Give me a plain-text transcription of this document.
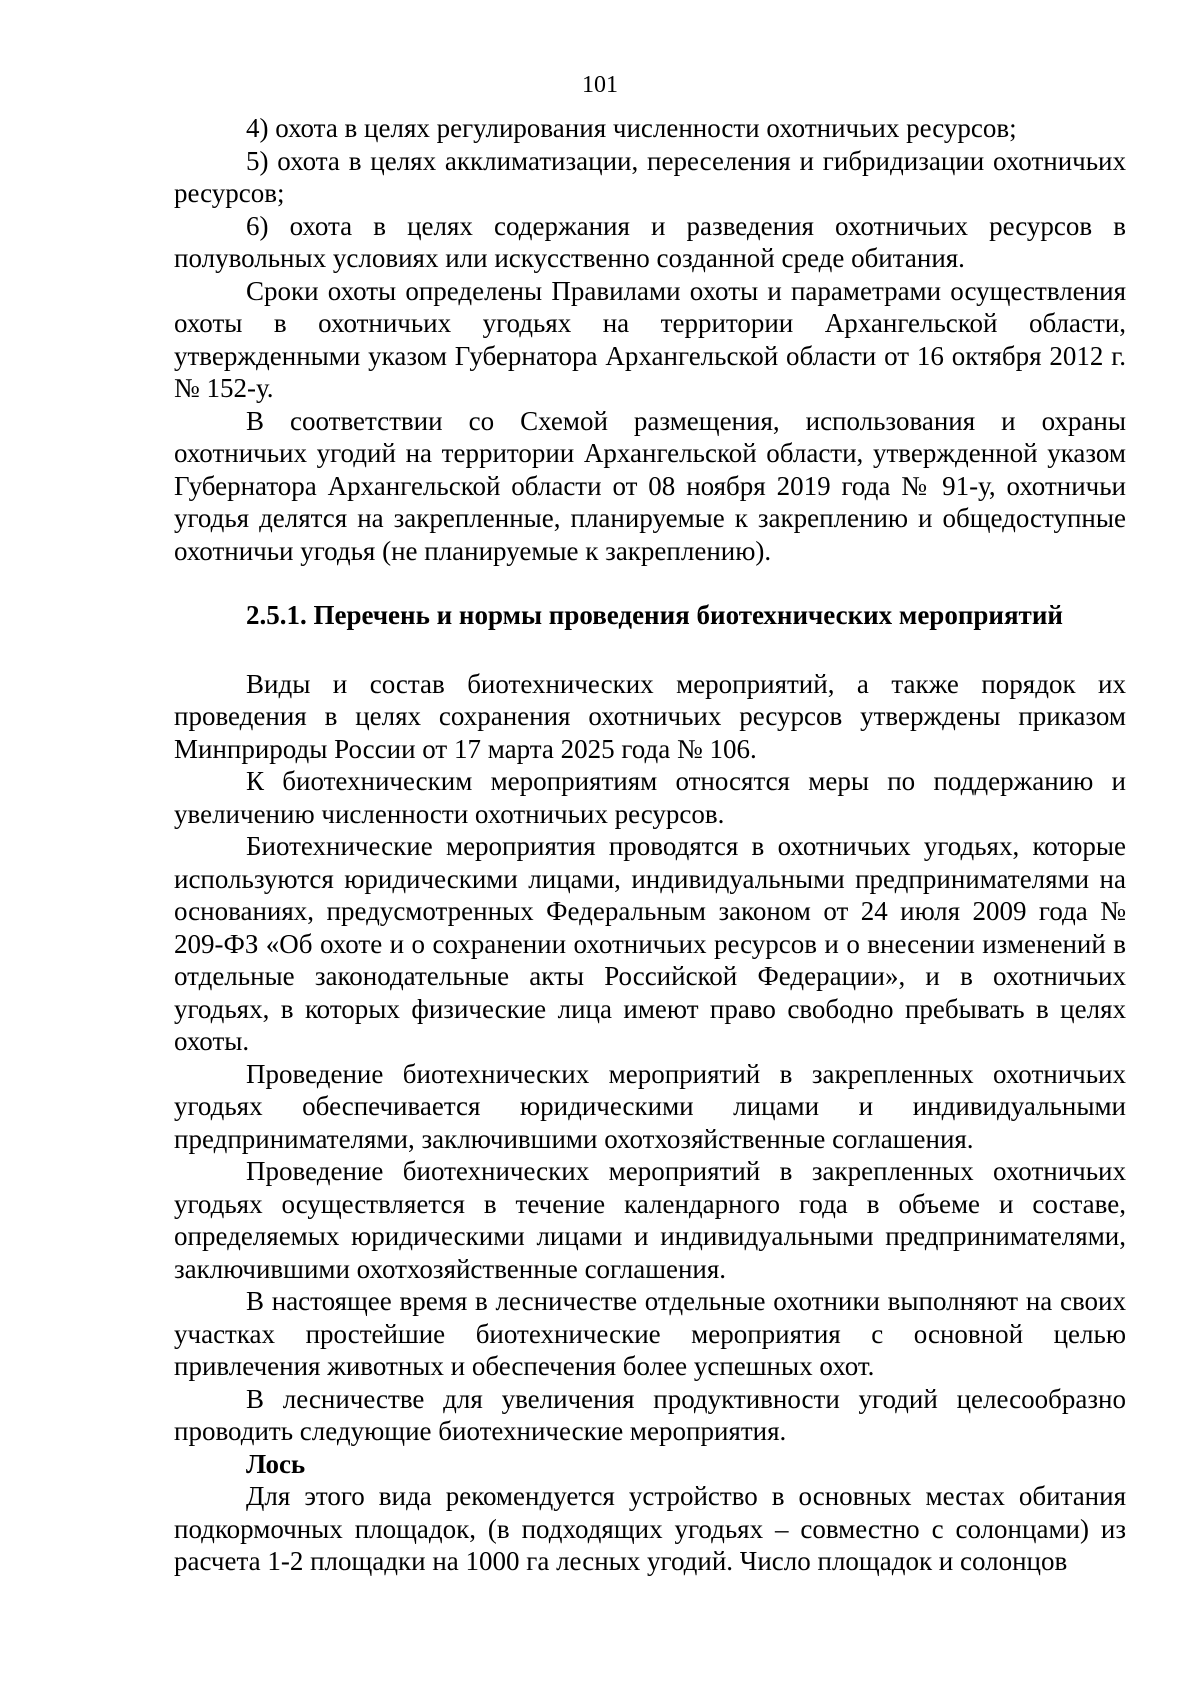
101

4) охота в целях регулирования численности охотничьих ресурсов;

5) охота в целях акклиматизации, переселения и гибридизации охотничьих ресурсов;

6) охота в целях содержания и разведения охотничьих ресурсов в полувольных условиях или искусственно созданной среде обитания.

Сроки охоты определены Правилами охоты и параметрами осуществления охоты в охотничьих угодьях на территории Архангельской области, утвержденными указом Губернатора Архангельской области от 16 октября 2012 г.№ 152-у.

В соответствии со Схемой размещения, использования и охраны охотничьих угодий на территории Архангельской области, утвержденной указом Губернатора Архангельской области от 08 ноября 2019 года № 91-у, охотничьи угодья делятся на закрепленные, планируемые к закреплению и общедоступные охотничьи угодья (не планируемые к закреплению).

2.5.1. Перечень и нормы проведения биотехнических мероприятий

Виды и состав биотехнических мероприятий, а также порядок их проведения в целях сохранения охотничьих ресурсов утверждены приказом Минприроды России от 17 марта 2025 года № 106.

К биотехническим мероприятиям относятся меры по поддержанию и увеличению численности охотничьих ресурсов.

Биотехнические мероприятия проводятся в охотничьих угодьях, которые используются юридическими лицами, индивидуальными предпринимателями на основаниях, предусмотренных Федеральным законом от 24 июля 2009 года № 209-ФЗ «Об охоте и о сохранении охотничьих ресурсов и о внесении изменений в отдельные законодательные акты Российской Федерации», и в охотничьих угодьях, в которых физические лица имеют право свободно пребывать в целях охоты.

Проведение биотехнических мероприятий в закрепленных охотничьих угодьях обеспечивается юридическими лицами и индивидуальными предпринимателями, заключившими охотхозяйственные соглашения.

Проведение биотехнических мероприятий в закрепленных охотничьих угодьях осуществляется в течение календарного года в объеме и составе, определяемых юридическими лицами и индивидуальными предпринимателями, заключившими охотхозяйственные соглашения.

В настоящее время в лесничестве отдельные охотники выполняют на своих участках простейшие биотехнические мероприятия с основной целью привлечения животных и обеспечения более успешных охот.

В лесничестве для увеличения продуктивности угодий целесообразно проводить следующие биотехнические мероприятия.

Лось

Для этого вида рекомендуется устройство в основных местах обитания подкормочных площадок, (в подходящих угодьях – совместно с солонцами) из расчета 1-2 площадки на 1000 га лесных угодий. Число площадок и солонцов
